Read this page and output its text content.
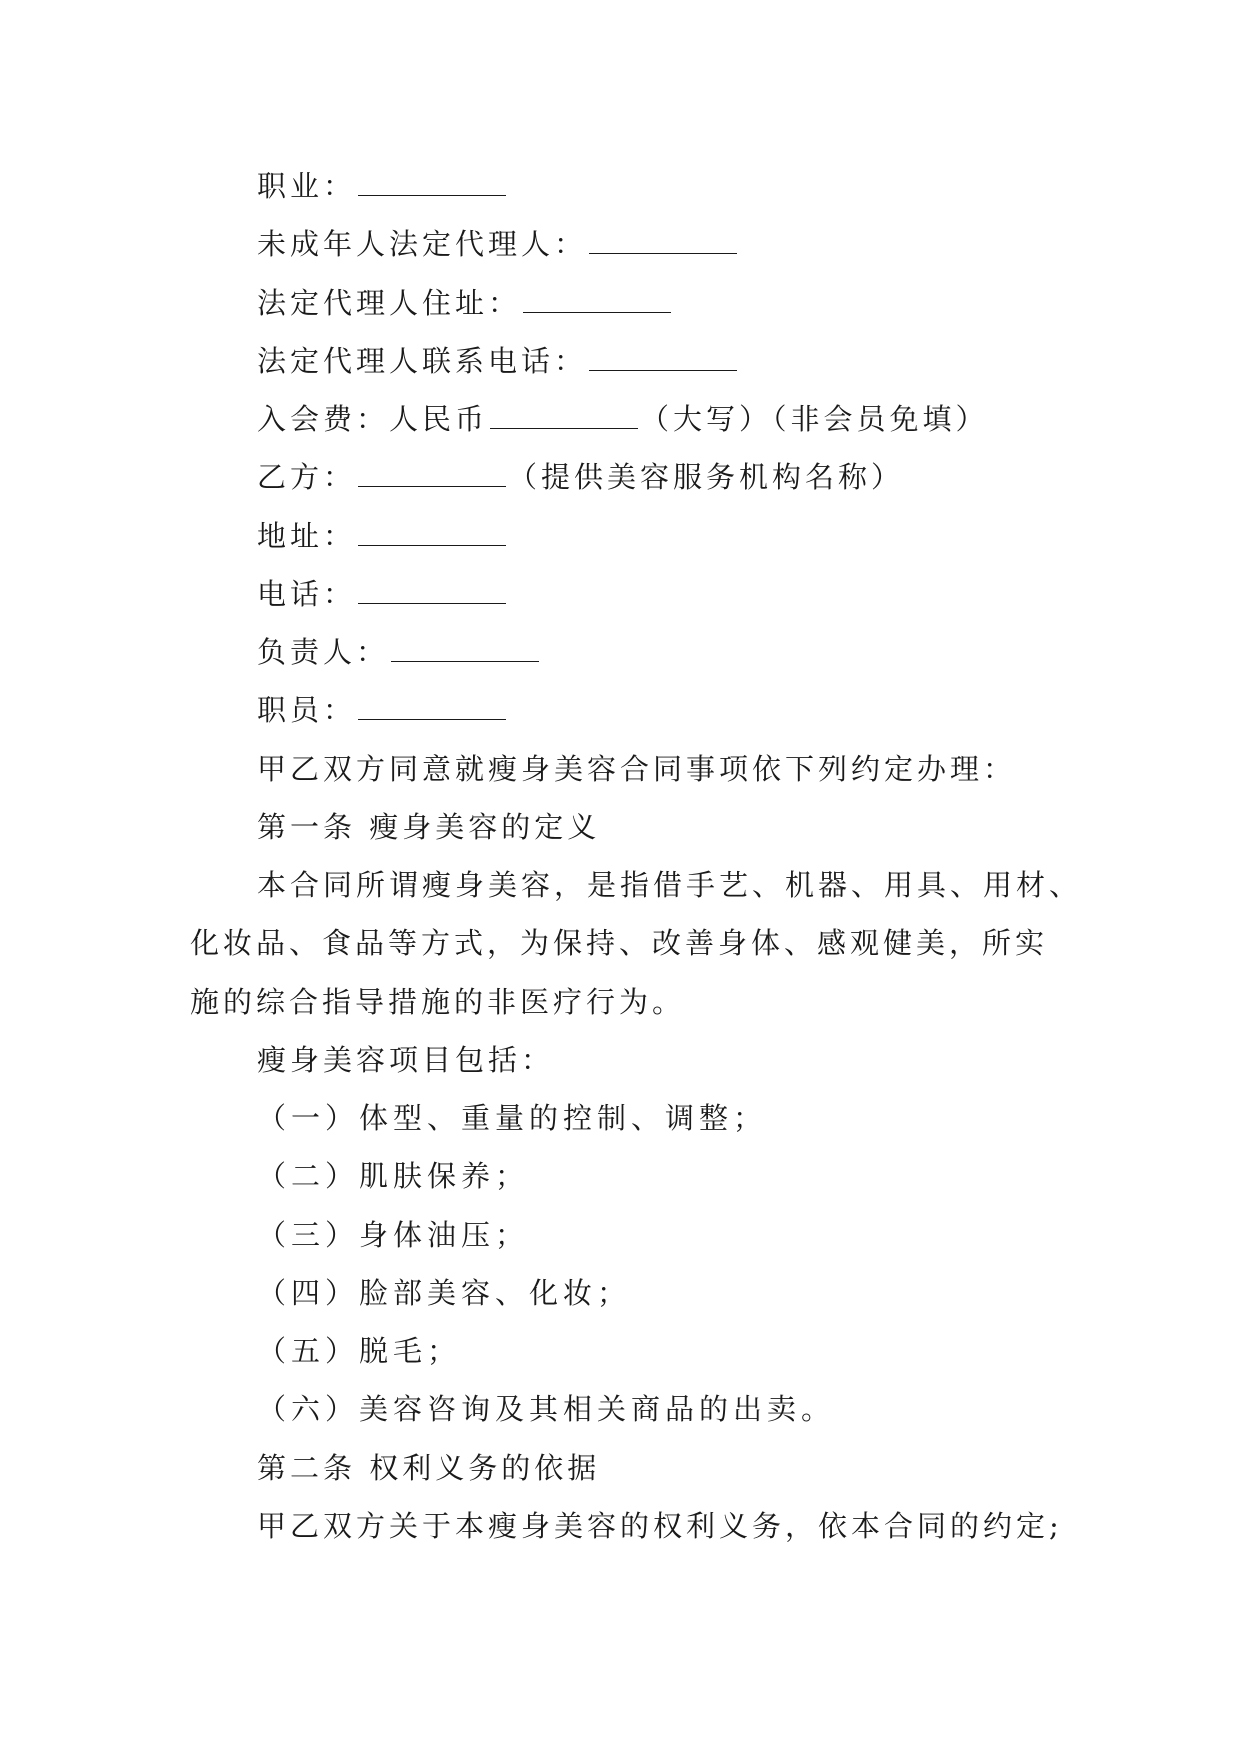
职业：

未成年人法定代理人：

法定代理人住址：

法定代理人联系电话：

入会费：人民币	（大写）（非会员免填）

乙方：	（提供美容服务机构名称）

地址：

电话：

负责人：

职员：

甲乙双方同意就瘦身美容合同事项依下列约定办理：

第一条 瘦身美容的定义

本合同所谓瘦身美容，是指借手艺、机器、用具、用材、

化妆品、食品等方式，为保持、改善身体、感观健美，所实

施的综合指导措施的非医疗行为。

瘦身美容项目包括：

（一）体型、重量的控制、调整；

（二）肌肤保养；

（三）身体油压；

（四）脸部美容、化妆；

（五）脱毛；

（六）美容咨询及其相关商品的出卖。

第二条 权利义务的依据

甲乙双方关于本瘦身美容的权利义务，依本合同的约定;
